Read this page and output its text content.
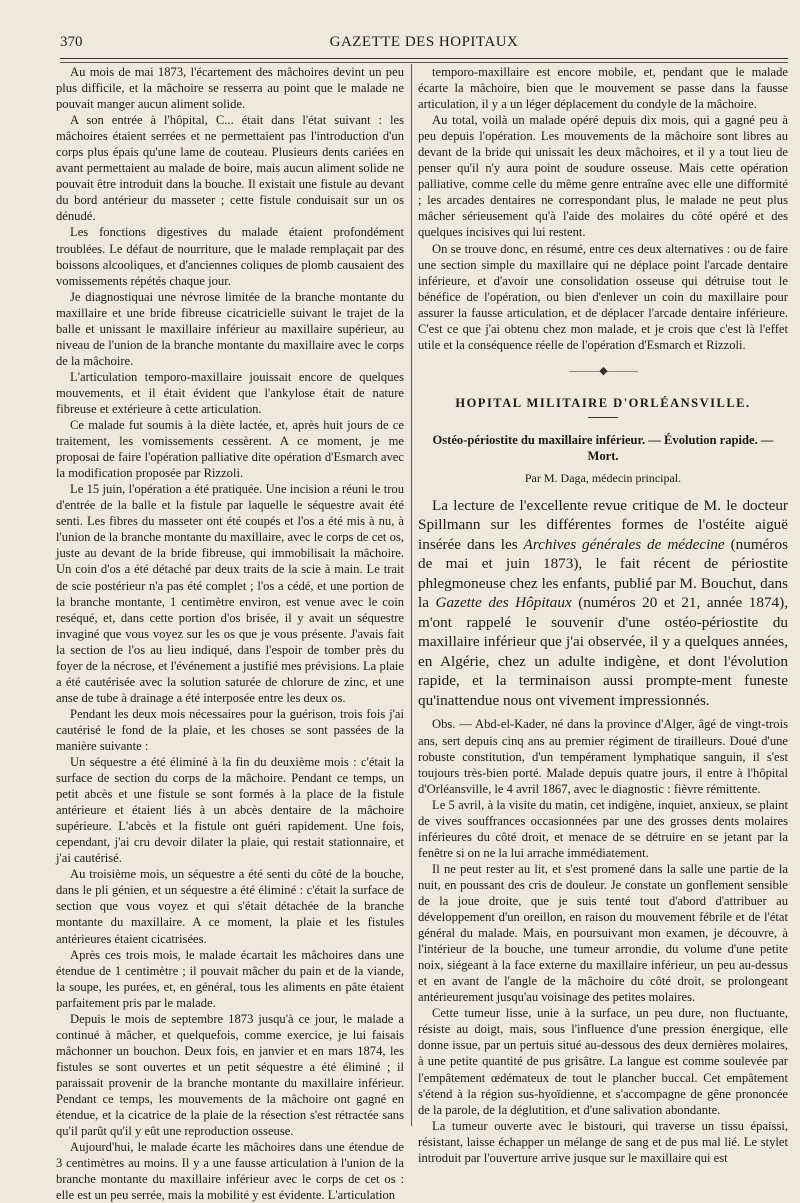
370	GAZETTE DES HOPITAUX

Au mois de mai 1873, l'écartement des mâchoires devint un peu plus difficile, et la mâchoire se resserra au point que le malade ne pouvait manger aucun aliment solide.

A son entrée à l'hôpital, C... était dans l'état suivant : les mâchoires étaient serrées et ne permettaient pas l'introduction d'un corps plus épais qu'une lame de couteau. Plusieurs dents cariées en avant permettaient au malade de boire, mais aucun aliment solide ne pouvait être introduit dans la bouche. Il existait une fistule au devant du bord antérieur du masseter ; cette fistule conduisait sur un os dénudé.

Les fonctions digestives du malade étaient profondément troublées. Le défaut de nourriture, que le malade remplaçait par des boissons alcooliques, et d'anciennes coliques de plomb causaient des vomissements répétés chaque jour.

Je diagnostiquai une névrose limitée de la branche montante du maxillaire et une bride fibreuse cicatricielle suivant le trajet de la balle et unissant le maxillaire inférieur au maxillaire supérieur, au niveau de l'union de la branche montante du maxillaire avec le corps de la mâchoire.

L'articulation temporo-maxillaire jouissait encore de quelques mouvements, et il était évident que l'ankylose était de nature fibreuse et extérieure à cette articulation.

Ce malade fut soumis à la diète lactée, et, après huit jours de ce traitement, les vomissements cessèrent. A ce moment, je me proposai de faire l'opération palliative dite opération d'Esmarch avec la modification proposée par Rizzoli.

Le 15 juin, l'opération a été pratiquée. Une incision a réuni le trou d'entrée de la balle et la fistule par laquelle le séquestre avait été senti. Les fibres du masseter ont été coupés et l'os a été mis à nu, à l'union de la branche montante du maxillaire, avec le corps de cet os, juste au devant de la bride fibreuse, qui immobilisait la mâchoire. Un coin d'os a été détaché par deux traits de la scie à main. Le trait de scie postérieur n'a pas été complet ; l'os a cédé, et une portion de la branche montante, 1 centimètre environ, est venue avec le coin reséqué, et, dans cette portion d'os brisée, il y avait un séquestre invaginé que vous voyez sur les os que je vous présente. J'avais fait la section de l'os au lieu indiqué, dans l'espoir de tomber près du foyer de la nécrose, et l'événement a justifié mes prévisions. La plaie a été cautérisée avec la solution saturée de chlorure de zinc, et une anse de tube à drainage a été interposée entre les deux os.

Pendant les deux mois nécessaires pour la guérison, trois fois j'ai cautérisé le fond de la plaie, et les choses se sont passées de la manière suivante :

Un séquestre a été éliminé à la fin du deuxième mois : c'était la surface de section du corps de la mâchoire. Pendant ce temps, un petit abcès et une fistule se sont formés à la place de la fistule antérieure et étaient liés à un abcès dentaire de la mâchoire supérieure. L'abcès et la fistule ont guéri rapidement. Une fois, cependant, j'ai cru devoir dilater la plaie, qui restait stationnaire, et j'ai cautérisé.

Au troisième mois, un séquestre a été senti du côté de la bouche, dans le pli génien, et un séquestre a été éliminé : c'était la surface de section que vous voyez et qui s'était détachée de la branche montante du maxillaire. A ce moment, la plaie et les fistules antérieures étaient cicatrisées.

Après ces trois mois, le malade écartait les mâchoires dans une étendue de 1 centimètre ; il pouvait mâcher du pain et de la viande, la soupe, les purées, et, en général, tous les aliments en pâte étaient parfaitement pris par le malade.

Depuis le mois de septembre 1873 jusqu'à ce jour, le malade a continué à mâcher, et quelquefois, comme exercice, je lui faisais mâchonner un bouchon. Deux fois, en janvier et en mars 1874, les fistules se sont ouvertes et un petit séquestre a été éliminé ; il paraissait provenir de la branche montante du maxillaire inférieur. Pendant ce temps, les mouvements de la mâchoire ont gagné en étendue, et la cicatrice de la plaie de la résection s'est rétractée sans qu'il parût qu'il y eût une reproduction osseuse.

Aujourd'hui, le malade écarte les mâchoires dans une étendue de 3 centimètres au moins. Il y a une fausse articulation à l'union de la branche montante du maxillaire inférieur avec le corps de cet os : elle est un peu serrée, mais la mobilité y est évidente. L'articulation

temporo-maxillaire est encore mobile, et, pendant que le malade écarte la mâchoire, bien que le mouvement se passe dans la fausse articulation, il y a un léger déplacement du condyle de la mâchoire.

Au total, voilà un malade opéré depuis dix mois, qui a gagné peu à peu depuis l'opération. Les mouvements de la mâchoire sont libres au devant de la bride qui unissait les deux mâchoires, et il y a tout lieu de penser qu'il n'y aura point de soudure osseuse. Mais cette opération palliative, comme celle du même genre entraîne avec elle une difformité ; les arcades dentaires ne correspondant plus, le malade ne peut plus mâcher sérieusement qu'à l'aide des molaires du côté opéré et des quelques incisives qui lui restent.

On se trouve donc, en résumé, entre ces deux alternatives : ou de faire une section simple du maxillaire qui ne déplace point l'arcade dentaire inférieure, et d'avoir une consolidation osseuse qui détruise tout le bénéfice de l'opération, ou bien d'enlever un coin du maxillaire pour assurer la fausse articulation, et de déplacer l'arcade dentaire inférieure. C'est ce que j'ai obtenu chez mon malade, et je crois que c'est là l'effet utile et la conséquence réelle de l'opération d'Esmarch et Rizzoli.

———◆———
HOPITAL MILITAIRE D'ORLÉANSVILLE.
Ostéo-périostite du maxillaire inférieur. — Évolution rapide. — Mort.
Par M. Daga, médecin principal.

La lecture de l'excellente revue critique de M. le docteur Spillmann sur les différentes formes de l'ostéite aiguë insérée dans les Archives générales de médecine (numéros de mai et juin 1873), le fait récent de périostite phlegmoneuse chez les enfants, publié par M. Bouchut, dans la Gazette des Hôpitaux (numéros 20 et 21, année 1874), m'ont rappelé le souvenir d'une ostéo-périostite du maxillaire inférieur que j'ai observée, il y a quelques années, en Algérie, chez un adulte indigène, et dont l'évolution rapide, et la terminaison aussi prompte-ment funeste qu'inattendue nous ont vivement impressionnés.

Obs. — Abd-el-Kader, né dans la province d'Alger, âgé de vingt-trois ans, sert depuis cinq ans au premier régiment de tirailleurs. Doué d'une robuste constitution, d'un tempérament lymphatique sanguin, il s'est toujours très-bien porté. Malade depuis quatre jours, il entre à l'hôpital d'Orléansville, le 4 avril 1867, avec le diagnostic : fièvre rémittente.

Le 5 avril, à la visite du matin, cet indigène, inquiet, anxieux, se plaint de vives souffrances occasionnées par une des grosses dents molaires inférieures du côté droit, et menace de se détruire en se jetant par la fenêtre si on ne la lui arrache immédiatement.

Il ne peut rester au lit, et s'est promené dans la salle une partie de la nuit, en poussant des cris de douleur. Je constate un gonflement sensible de la joue droite, que je suis tenté tout d'abord d'attribuer au développement d'un oreillon, en raison du mouvement fébrile et de l'état général du malade. Mais, en poursuivant mon examen, je découvre, à l'intérieur de la bouche, une tumeur arrondie, du volume d'une petite noix, siégeant à la face externe du maxillaire inférieur, un peu au-dessus et en avant de l'angle de la mâchoire du côté droit, se prolongeant antérieurement jusqu'au voisinage des petites molaires.

Cette tumeur lisse, unie à la surface, un peu dure, non fluctuante, résiste au doigt, mais, sous l'influence d'une pression énergique, elle donne issue, par un pertuis situé au-dessous des deux dernières molaires, à une petite quantité de pus grisâtre. La langue est comme soulevée par l'empâtement œdémateux de tout le plancher buccal. Cet empâtement s'étend à la région sus-hyoïdienne, et s'accompagne de gêne prononcée de la parole, de la déglutition, et d'une salivation abondante.

La tumeur ouverte avec le bistouri, qui traverse un tissu épaissi, résistant, laisse échapper un mélange de sang et de pus mal lié. Le stylet introduit par l'ouverture arrive jusque sur le maxillaire qui est
